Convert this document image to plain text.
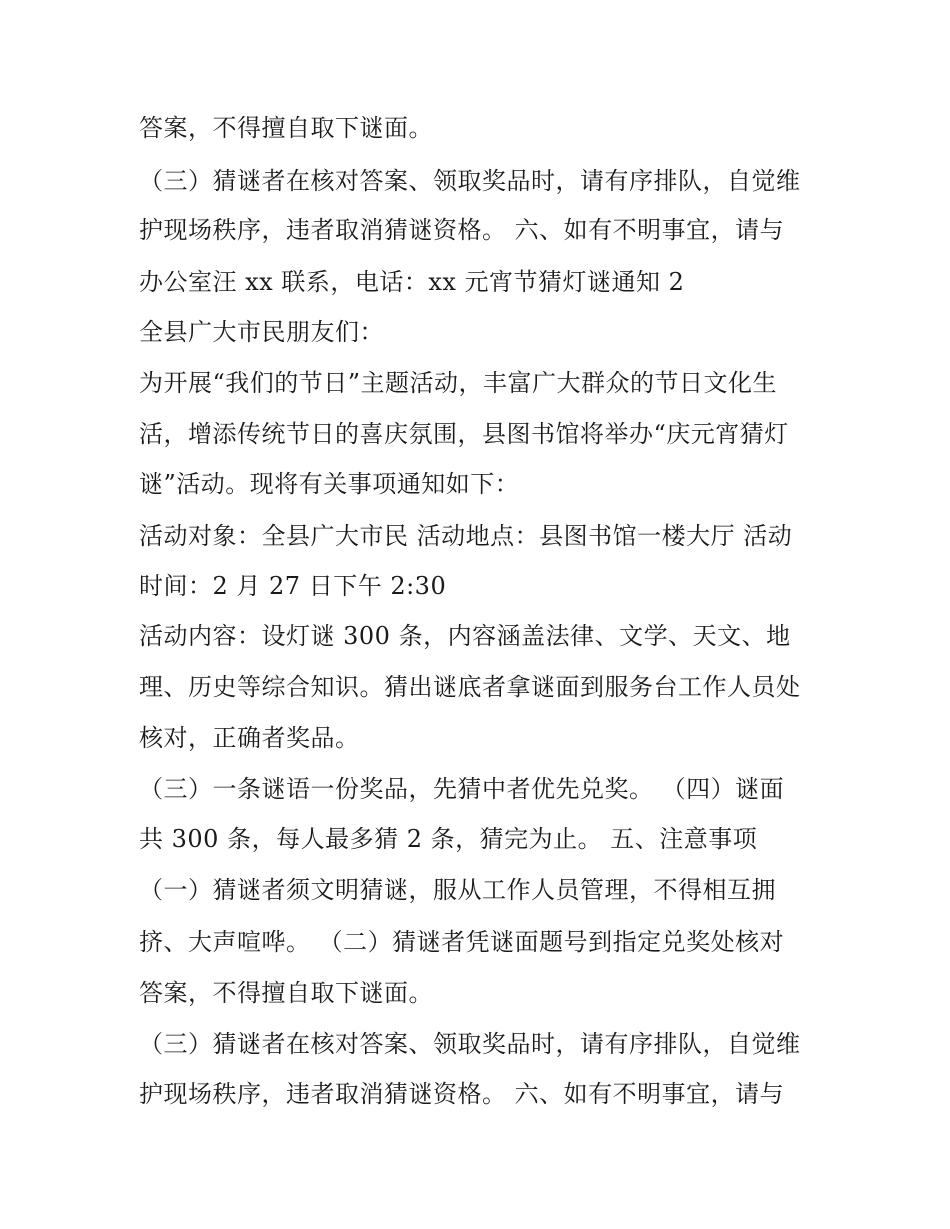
答案，不得擅自取下谜面。
（三）猜谜者在核对答案、领取奖品时，请有序排队，自觉维
护现场秩序，违者取消猜谜资格。 六、如有不明事宜，请与
办公室汪 xx 联系，电话：xx 元宵节猜灯谜通知 2
全县广大市民朋友们：
为开展“我们的节日”主题活动，丰富广大群众的节日文化生
活，增添传统节日的喜庆氛围，县图书馆将举办“庆元宵猜灯
谜”活动。现将有关事项通知如下：
活动对象：全县广大市民 活动地点：县图书馆一楼大厅 活动
时间：2 月 27 日下午 2:30
活动内容：设灯谜 300 条，内容涵盖法律、文学、天文、地
理、历史等综合知识。猜出谜底者拿谜面到服务台工作人员处
核对，正确者奖品。
（三）一条谜语一份奖品，先猜中者优先兑奖。 （四）谜面
共 300 条，每人最多猜 2 条，猜完为止。 五、注意事项
（一）猜谜者须文明猜谜，服从工作人员管理，不得相互拥
挤、大声喧哗。 （二）猜谜者凭谜面题号到指定兑奖处核对
答案，不得擅自取下谜面。
（三）猜谜者在核对答案、领取奖品时，请有序排队，自觉维
护现场秩序，违者取消猜谜资格。 六、如有不明事宜，请与
